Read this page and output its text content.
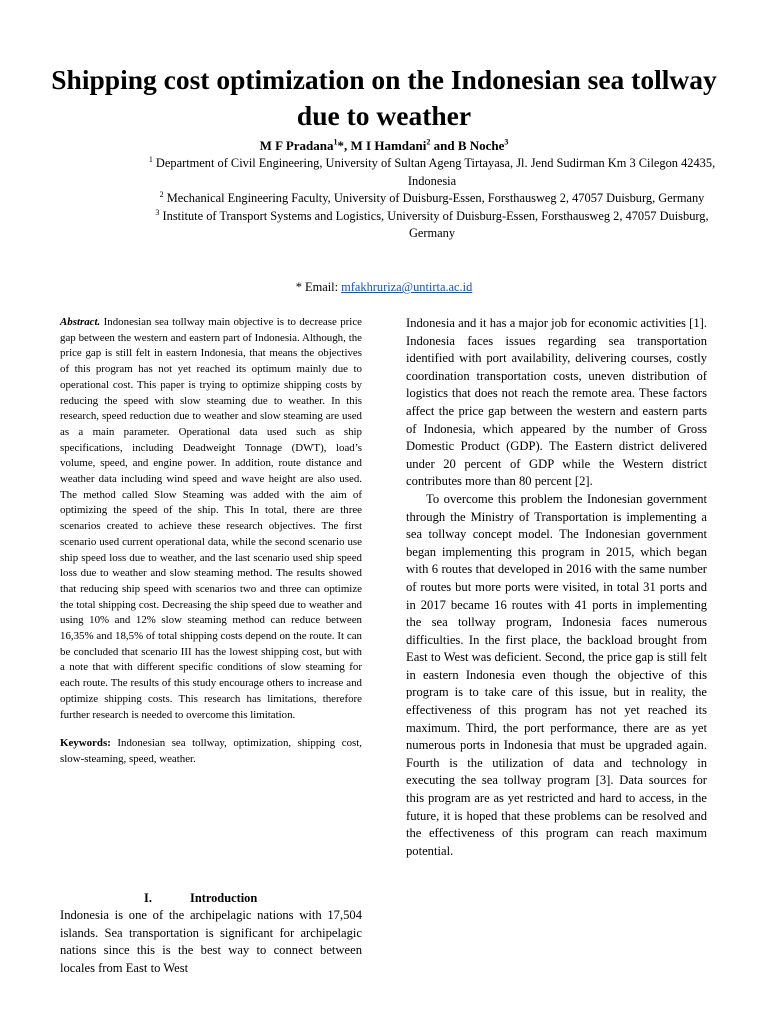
Shipping cost optimization on the Indonesian sea tollway due to weather
M F Pradana$^1$*, M I Hamdani$^2$ and B Noche$^3$

$^1$ Department of Civil Engineering, University of Sultan Ageng Tirtayasa, Jl. Jend Sudirman Km 3 Cilegon 42435, Indonesia

$^2$ Mechanical Engineering Faculty, University of Duisburg-Essen, Forsthausweg 2, 47057 Duisburg, Germany

$^3$ Institute of Transport Systems and Logistics, University of Duisburg-Essen, Forsthausweg 2, 47057 Duisburg, Germany

* Email: mfakhruriza@untirta.ac.id

Abstract. Indonesian sea tollway main objective is to decrease price gap between the western and eastern part of Indonesia. Although, the price gap is still felt in eastern Indonesia, that means the objectives of this program has not yet reached its optimum mainly due to operational cost. This paper is trying to optimize shipping costs by reducing the speed with slow steaming due to weather. In this research, speed reduction due to weather and slow steaming are used as a main parameter. Operational data used such as ship specifications, including Deadweight Tonnage (DWT), load’s volume, speed, and engine power. In addition, route distance and weather data including wind speed and wave height are also used. The method called Slow Steaming was added with the aim of optimizing the speed of the ship. This In total, there are three scenarios created to achieve these research objectives. The first scenario used current operational data, while the second scenario use ship speed loss due to weather, and the last scenario used ship speed loss due to weather and slow steaming method. The results showed that reducing ship speed with scenarios two and three can optimize the total shipping cost. Decreasing the ship speed due to weather and using 10% and 12% slow steaming method can reduce between 16,35% and 18,5% of total shipping costs depend on the route. It can be concluded that scenario III has the lowest shipping cost, but with a note that with different specific conditions of slow steaming for each route. The results of this study encourage others to increase and optimize shipping costs. This research has limitations, therefore further research is needed to overcome this limitation.

Keywords: Indonesian sea tollway, optimization, shipping cost, slow-steaming, speed, weather.

I.	Introduction

Indonesia is one of the archipelagic nations with 17,504 islands. Sea transportation is significant for archipelagic nations since this is the best way to connect between locales from East to West

Indonesia and it has a major job for economic activities [1]. Indonesia faces issues regarding sea transportation identified with port availability, delivering courses, costly coordination transportation costs, uneven distribution of logistics that does not reach the remote area. These factors affect the price gap between the western and eastern parts of Indonesia, which appeared by the number of Gross Domestic Product (GDP). The Eastern district delivered under 20 percent of GDP while the Western district contributes more than 80 percent [2].

To overcome this problem the Indonesian government through the Ministry of Transportation is implementing a sea tollway concept model. The Indonesian government began implementing this program in 2015, which began with 6 routes that developed in 2016 with the same number of routes but more ports were visited, in total 31 ports and in 2017 became 16 routes with 41 ports in implementing the sea tollway program, Indonesia faces numerous difficulties. In the first place, the backload brought from East to West was deficient. Second, the price gap is still felt in eastern Indonesia even though the objective of this program is to take care of this issue, but in reality, the effectiveness of this program has not yet reached its maximum. Third, the port performance, there are as yet numerous ports in Indonesia that must be upgraded again. Fourth is the utilization of data and technology in executing the sea tollway program [3]. Data sources for this program are as yet restricted and hard to access, in the future, it is hoped that these problems can be resolved and the effectiveness of this program can reach maximum potential.
